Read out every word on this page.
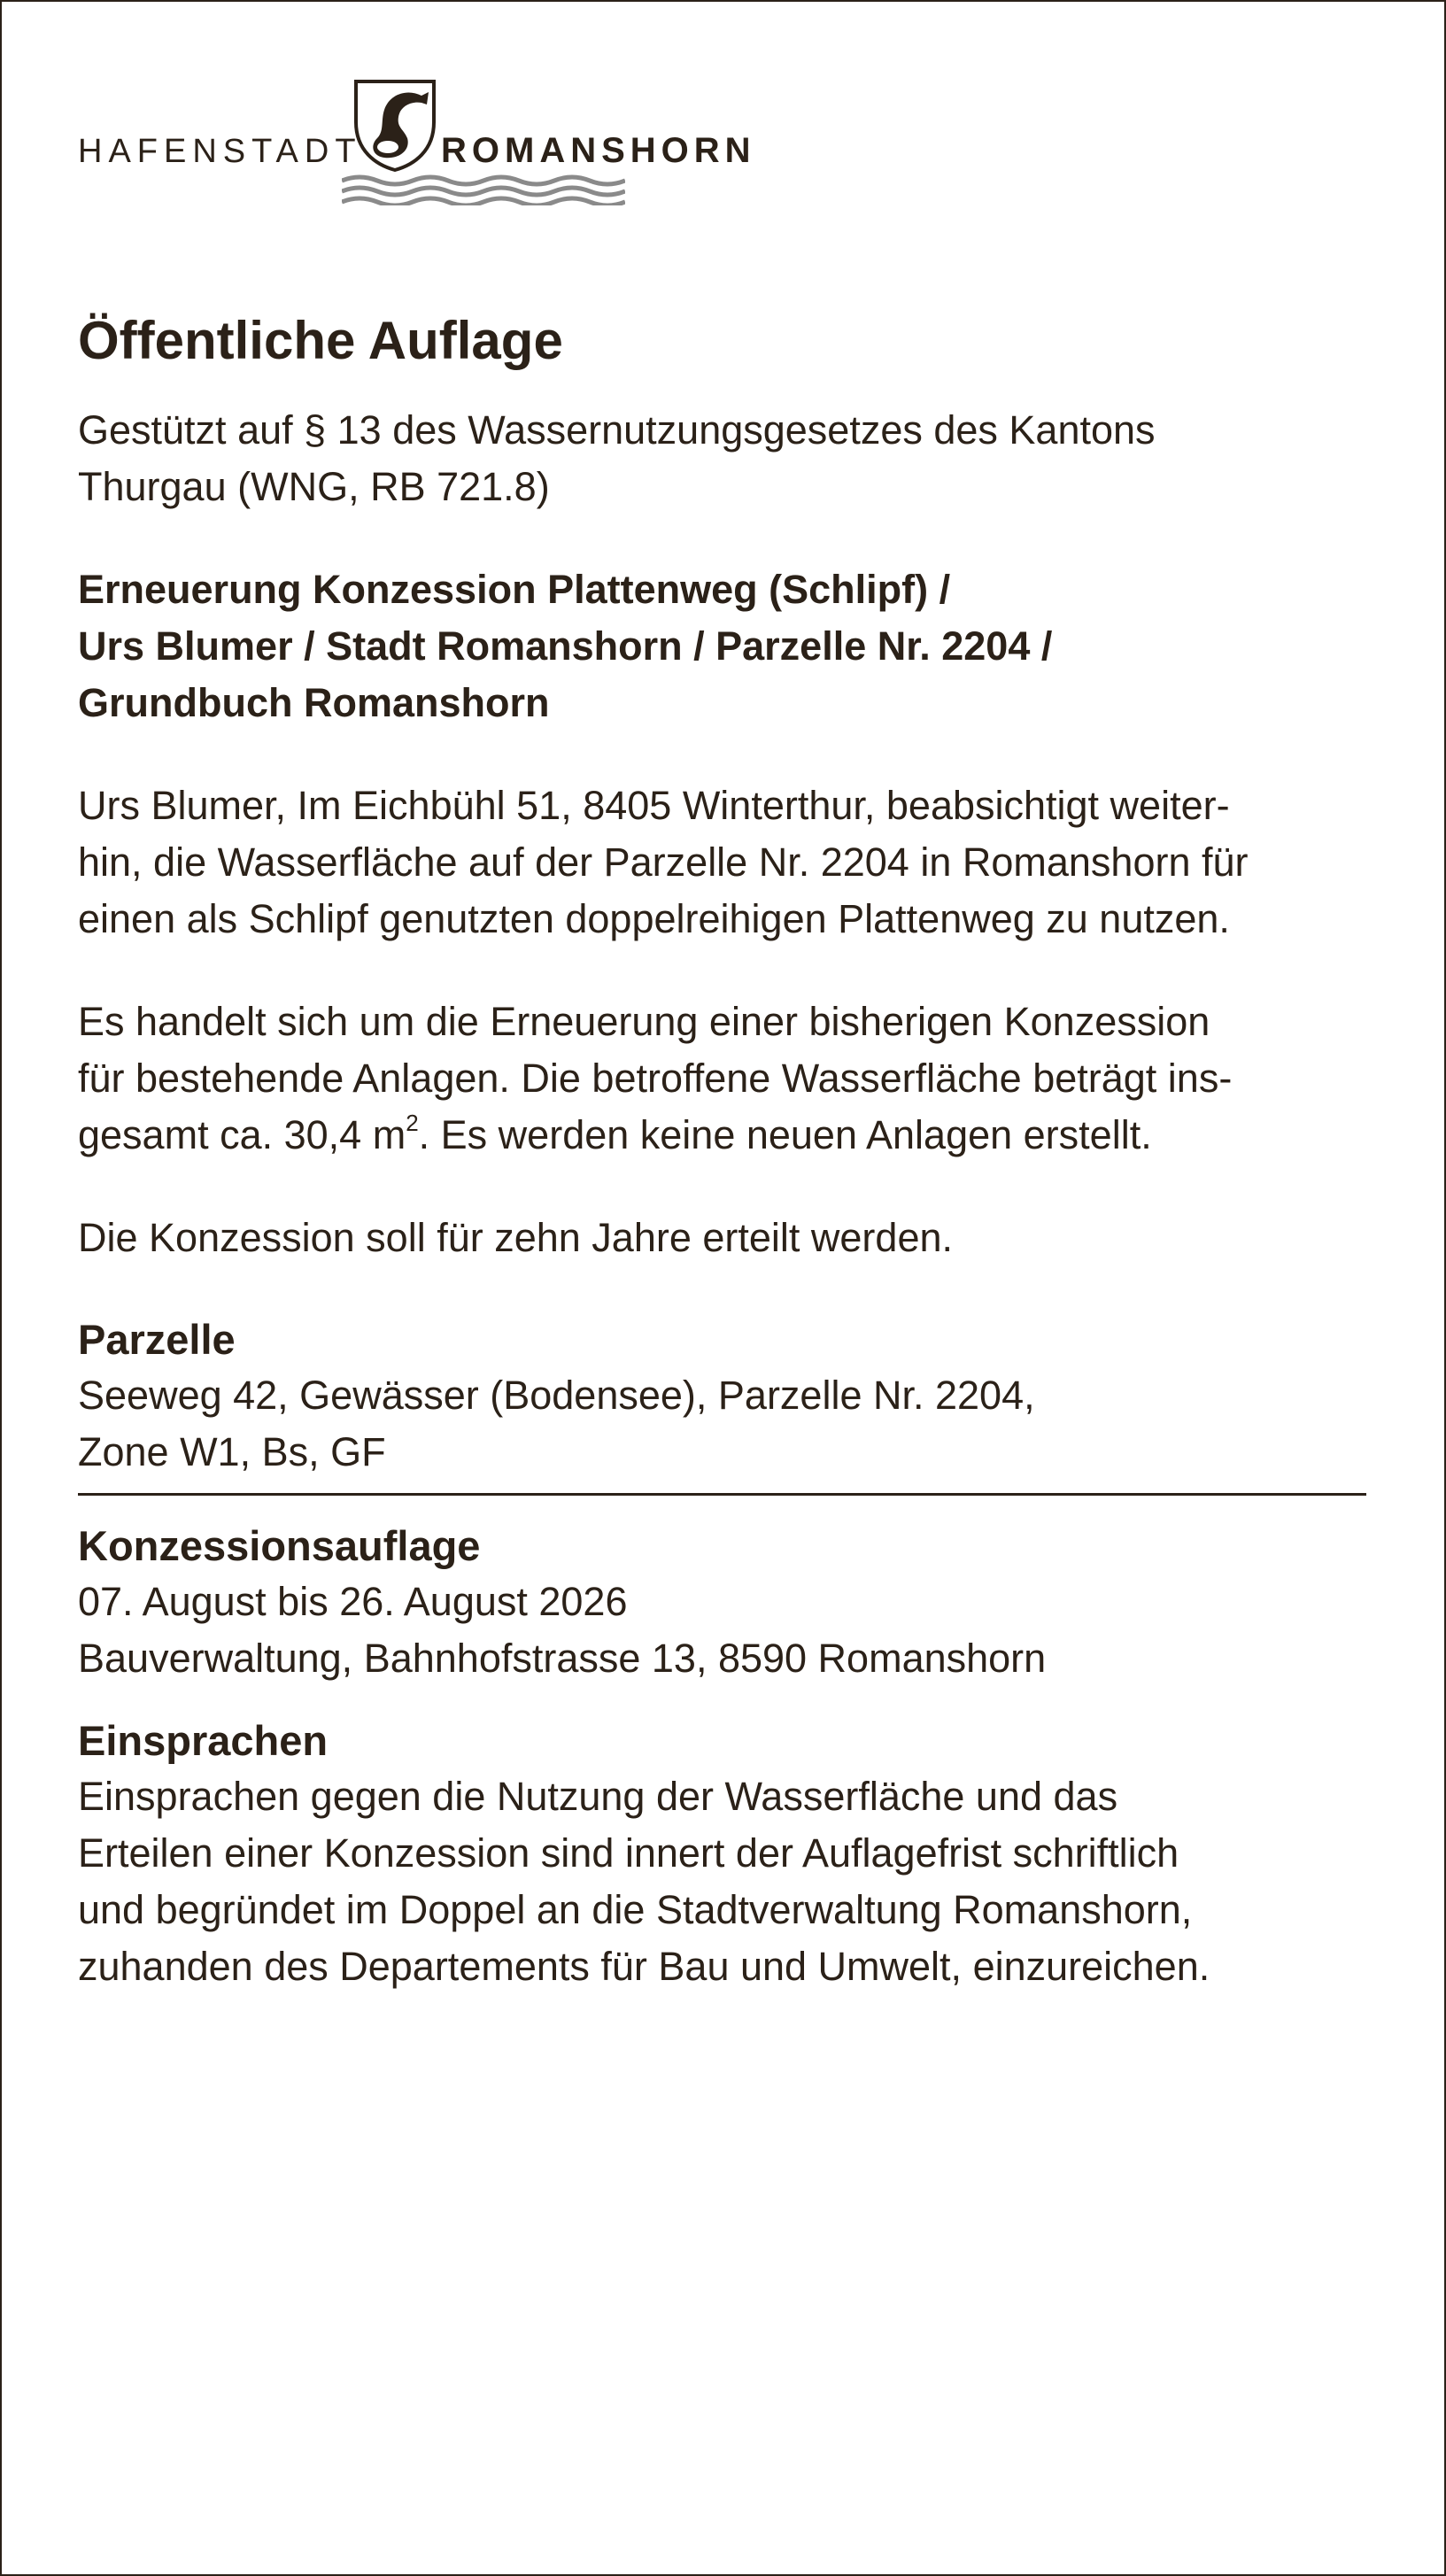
HAFENSTADT ROMANSHORN
Öffentliche Auflage

Gestützt auf § 13 des Wassernutzungsgesetzes des Kantons
Thurgau (WNG, RB 721.8)

Erneuerung Konzession Plattenweg (Schlipf) /
Urs Blumer / Stadt Romanshorn / Parzelle Nr. 2204 /
Grundbuch Romanshorn

Urs Blumer, Im Eichbühl 51, 8405 Winterthur, beabsichtigt weiter-
hin, die Wasserfläche auf der Parzelle Nr. 2204 in Romanshorn für
einen als Schlipf genutzten doppelreihigen Plattenweg zu nutzen.

Es handelt sich um die Erneuerung einer bisherigen Konzession
für bestehende Anlagen. Die betroffene Wasserfläche beträgt ins-
gesamt ca. 30,4 $m^2$. Es werden keine neuen Anlagen erstellt.

Die Konzession soll für zehn Jahre erteilt werden.

Parzelle

Seeweg 42, Gewässer (Bodensee), Parzelle Nr. 2204,
Zone W1, Bs, GF

Konzessionsauflage

07. August bis 26. August 2026
Bauverwaltung, Bahnhofstrasse 13, 8590 Romanshorn

Einsprachen

Einsprachen gegen die Nutzung der Wasserfläche und das
Erteilen einer Konzession sind innert der Auflagefrist schriftlich
und begründet im Doppel an die Stadtverwaltung Romanshorn,
zuhanden des Departements für Bau und Umwelt, einzureichen.
